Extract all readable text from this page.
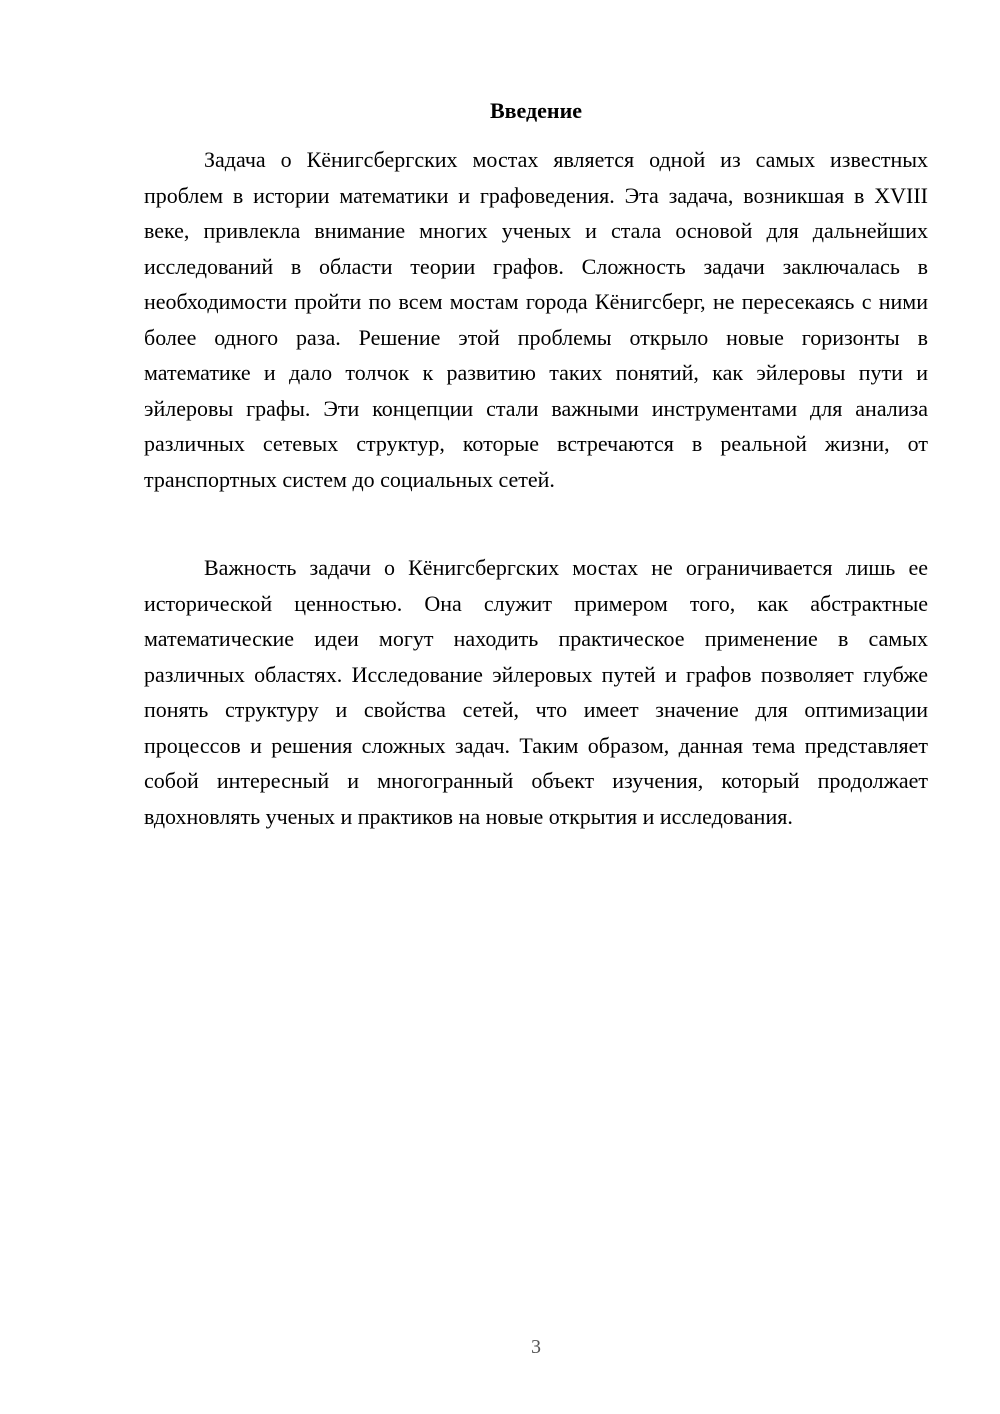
Введение

Задача о Кёнигсбергских мостах является одной из самых известных проблем в истории математики и графоведения. Эта задача, возникшая в XVIII веке, привлекла внимание многих ученых и стала основой для дальнейших исследований в области теории графов. Сложность задачи заключалась в необходимости пройти по всем мостам города Кёнигсберг, не пересекаясь с ними более одного раза. Решение этой проблемы открыло новые горизонты в математике и дало толчок к развитию таких понятий, как эйлеровы пути и эйлеровы графы. Эти концепции стали важными инструментами для анализа различных сетевых структур, которые встречаются в реальной жизни, от транспортных систем до социальных сетей.

Важность задачи о Кёнигсбергских мостах не ограничивается лишь ее исторической ценностью. Она служит примером того, как абстрактные математические идеи могут находить практическое применение в самых различных областях. Исследование эйлеровых путей и графов позволяет глубже понять структуру и свойства сетей, что имеет значение для оптимизации процессов и решения сложных задач. Таким образом, данная тема представляет собой интересный и многогранный объект изучения, который продолжает вдохновлять ученых и практиков на новые открытия и исследования.

3
